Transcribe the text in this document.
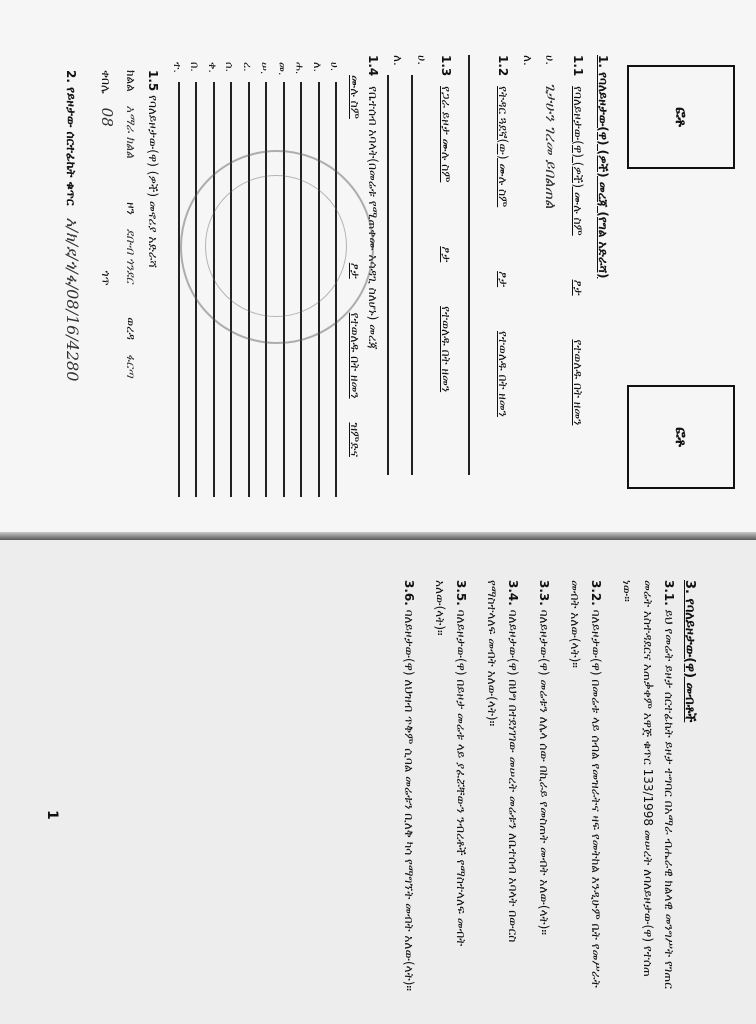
ፎቶ
ፎቶ
1. የባለይዞታው(ዋ) (ዎች) መረጃ (የግል አድራሻ)
1.1 የባለይዞታው(ዋ) (ዎች) ሙሉ ስም ፆታ የተወለዱ በት ዘመን
ሀ. ጌታሁን ገረመ ይበልጠል
ለ.
1.2 የትዳር ጓደኛ(ው) ሙሉ ስም ፆታ የተወለዱ በት ዘመን
1.3 የጋራ ይዞታ ሙሉ ስም ፆታ የተወለዱ በት ዘመን
ሀ.
ለ.
1.4 የቤተሰብ አባላት(በመሬቱ የሚጠቀሙ አሳዳጊ ስለሆኑ) መረጃ
ሙሉ ስም ፆታ የተወለዱ በት ዘመን ዝምድና
ሀ.
ለ.
ሐ.
መ.
ሠ.
ረ.
ሰ.
ቀ.
በ.
ተ.
1.5 የባለይዞታው(ዋ) (ዎች) መኖሪያ አድራሻ
ክልል አማራ ክልል ዞን ደቡብ ጎንደር ወረዳ ፋርጣ
ቀበሌ 08 ጎጥ
2. የይዞታው ሰርተፊኬት ቁጥር አ/ክ/ደ/ጎ/ፋ/08/16/4280
3. የባለይዞታው(ዋ) መብቶች
3.1. ይህ የመሬት ይዞታ ሰርተፊኬት ይዞታ ተግባር በአማራ ብሔራዊ ክልላዊ መንግሥት የገጠር መሬት አስተዳደርና አጠቃቀም አዋጅ ቁጥር 133/1998 መሠረት ለባለይዞታው(ዋ) የተሰጠ ነው።
3.2. ባለይዞታው(ዋ) በመሬቱ ላይ ሰብል የመዝራትና ዛፍ የመትከል እንዲሁም ቤት የመሥራት መብት አለው(ላት)።
3.3. ባለይዞታው(ዋ) መሬቱን ለሌላ ሰው በኪራይ የመስጠት መብት አለው(ላት)።
3.4. ባለይዞታው(ዋ) በህግ በተደነገገው መሠረት መሬቱን ለቤተሰብ አባላት በውርስ የማስተላለፍ መብት አለው(ላት)።
3.5. ባለይዞታው(ዋ) በይዞታ መሬቱ ላይ ያፈሯቸውን ንብረቶች የማስተላለፍ መብት አለው(ላት)።
3.6. ባለይዞታው(ዋ) ለህዝብ ጥቅም ሲባል መሬቱን ቢለቅ ካሳ የማግኘት መብት አለው(ላት)።
1
